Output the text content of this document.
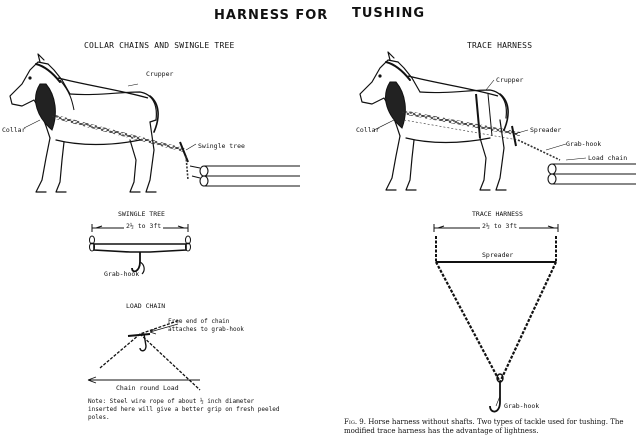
HARNESS FOR TUSHING
COLLAR CHAINS AND SWINGLE TREE	TRACE HARNESS
Crupper
Collar
Swingle tree
SWINGLE TREE
2½ to 3ft
Grab-hook
LOAD CHAIN
Free end of chain attaches to grab-hook
Chain round Load
Note: Steel wire rope of about ½ inch diameter inserted here will give a better grip on fresh peeled poles.
Crupper
Collar	Spreader
Grab-hook
Load chain
TRACE HARNESS
2½ to 3ft
Spreader
Grab-hook
Fig. 9. Horse harness without shafts. Two types of tackle used for tushing. The modified trace harness has the advantage of lightness.
